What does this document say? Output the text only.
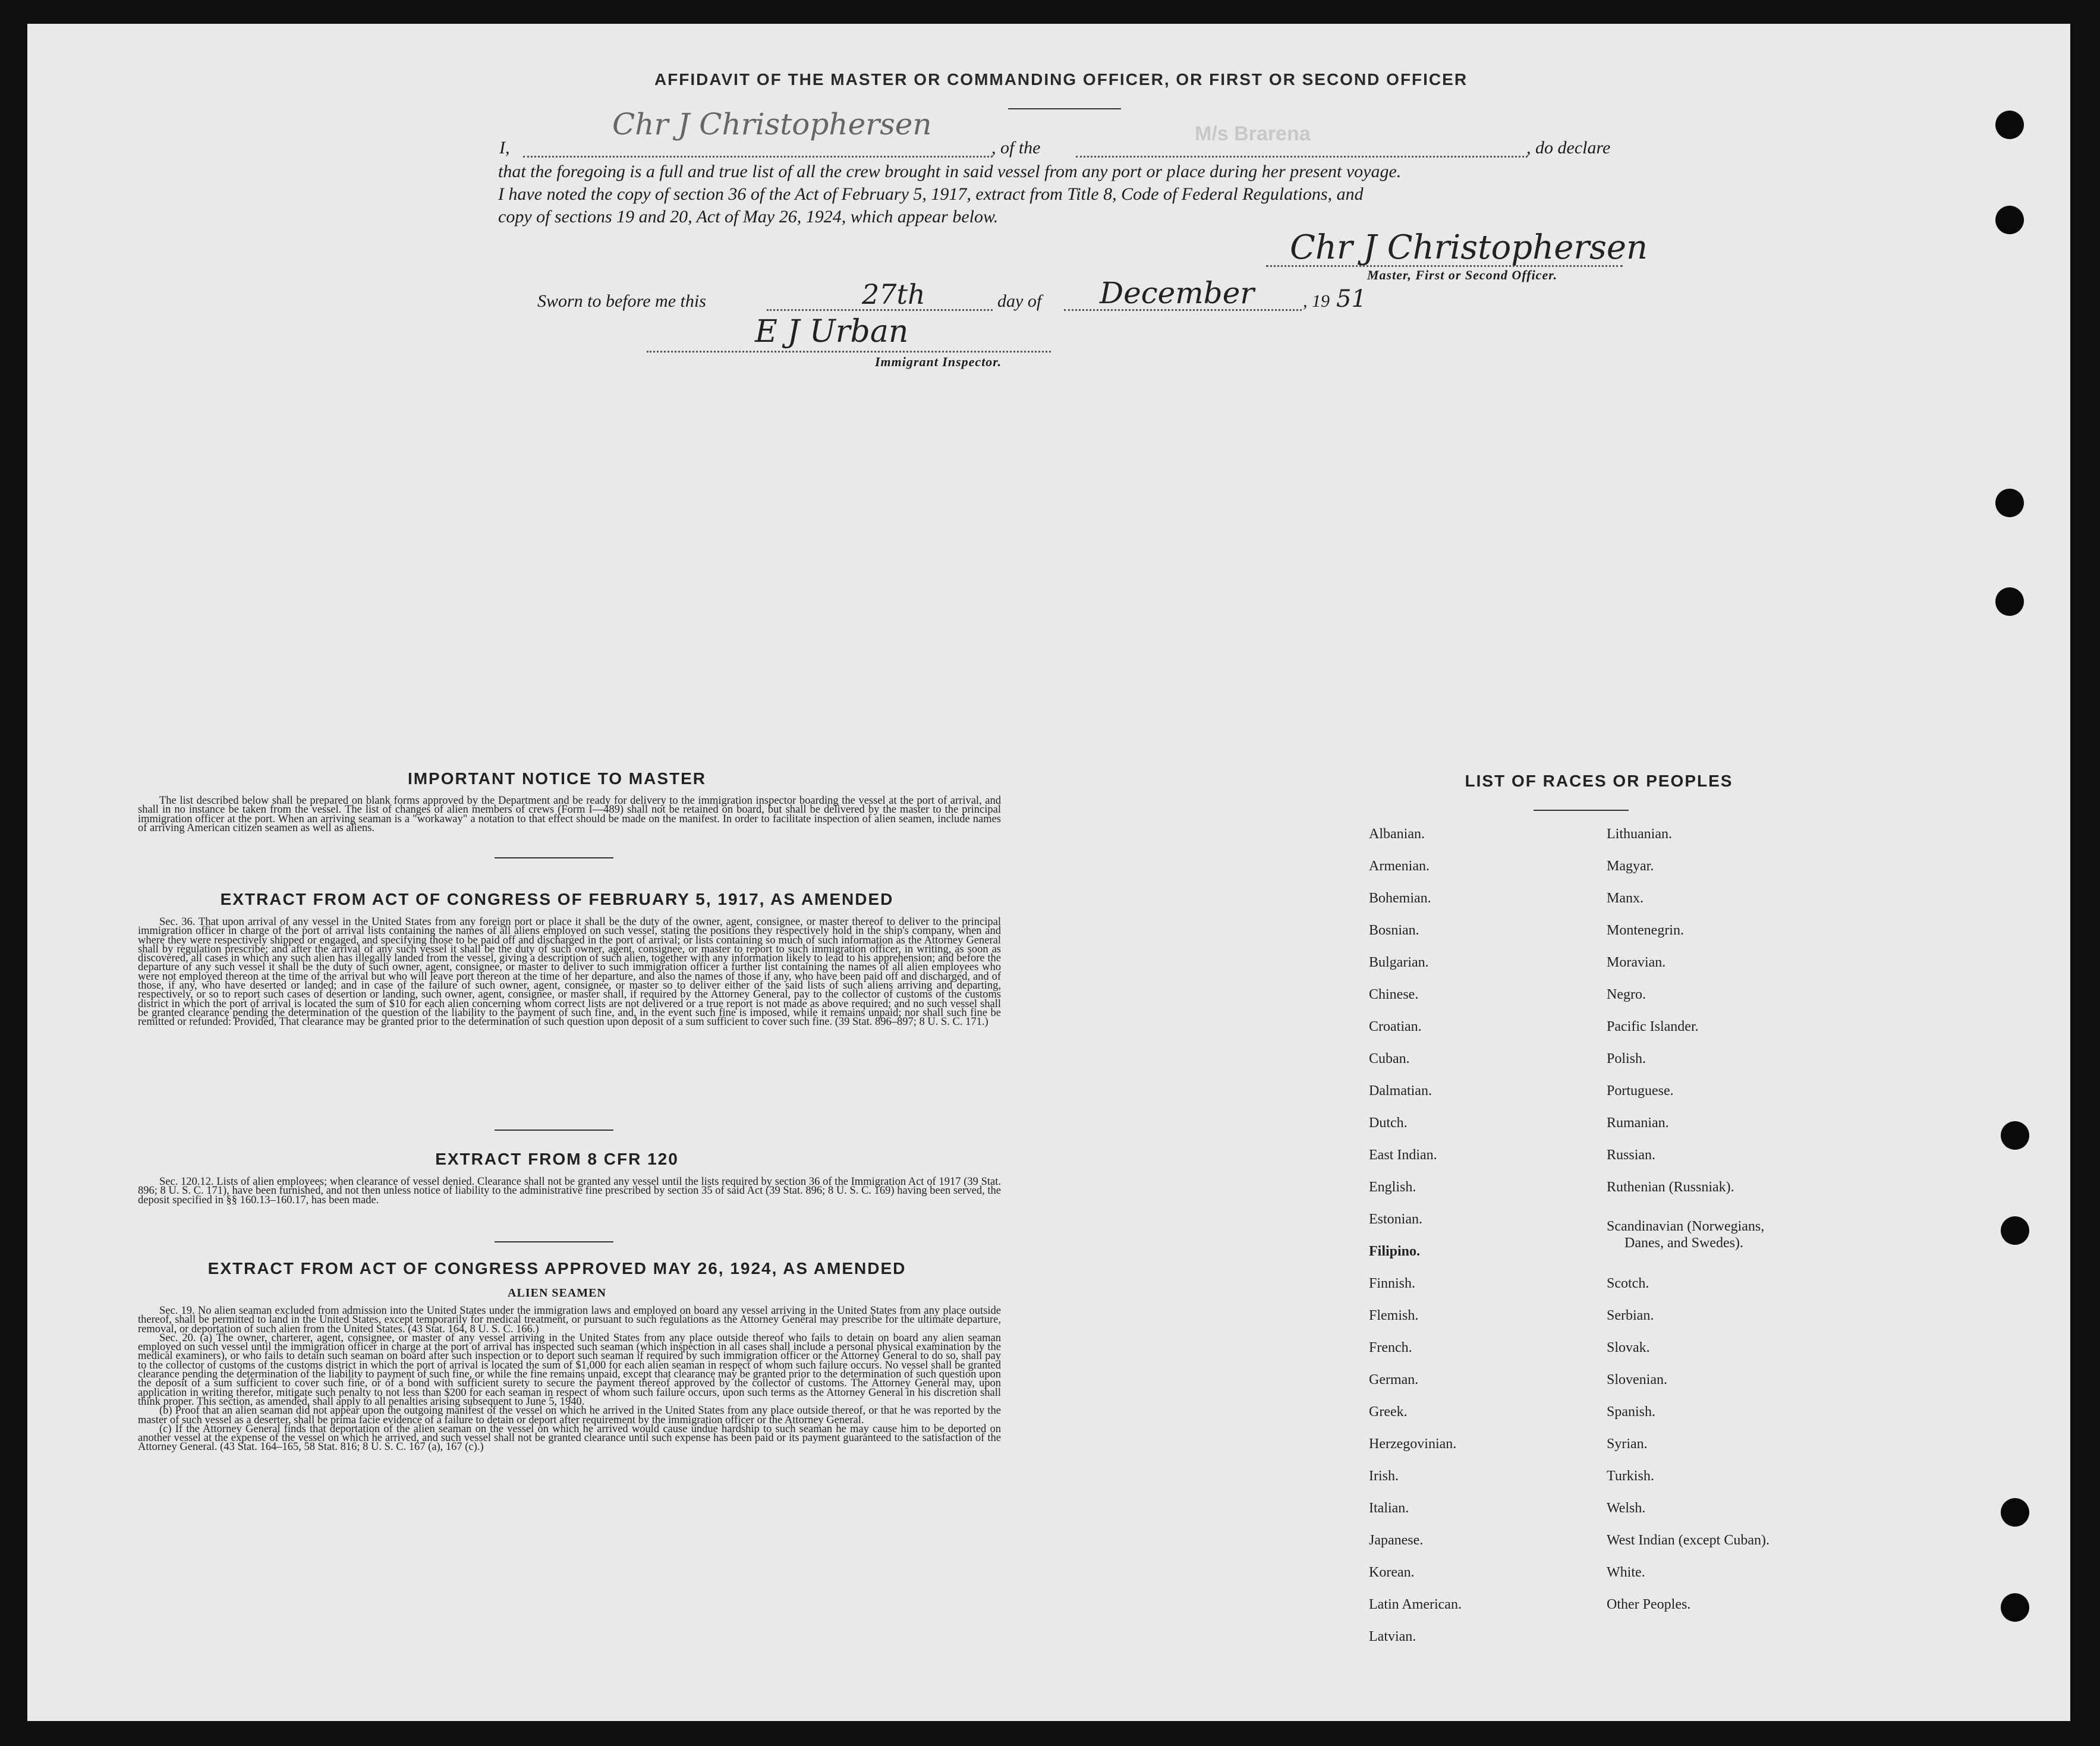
AFFIDAVIT OF THE MASTER OR COMMANDING OFFICER, OR FIRST OR SECOND OFFICER
I,
Chr J Christophersen
, of the
M/s Brarena
, do declare
that the foregoing is a full and true list of all the crew brought in said vessel from any port or place during her present voyage.
I have noted the copy of section 36 of the Act of February 5, 1917, extract from Title 8, Code of Federal Regulations, and
copy of sections 19 and 20, Act of May 26, 1924, which appear below.
Chr J Christophersen
Master, First or Second Officer.
Sworn to before me this	27th	day of December	, 19 51
E J Urban
Immigrant Inspector.
IMPORTANT NOTICE TO MASTER
The list described below shall be prepared on blank forms approved by the Department and be ready for delivery to the immigration inspector boarding the vessel at the port of arrival, and shall in no instance be taken from the vessel. The list of changes of alien members of crews (Form I—489) shall not be retained on board, but shall be delivered by the master to the principal immigration officer at the port. When an arriving seaman is a "workaway" a notation to that effect should be made on the manifest. In order to facilitate inspection of alien seamen, include names of arriving American citizen seamen as well as aliens.
EXTRACT FROM ACT OF CONGRESS OF FEBRUARY 5, 1917, AS AMENDED
Sec. 36. That upon arrival of any vessel in the United States from any foreign port or place it shall be the duty of the owner, agent, consignee, or master thereof to deliver to the principal immigration officer in charge of the port of arrival lists containing the names of all aliens employed on such vessel, stating the positions they respectively hold in the ship's company, when and where they were respectively shipped or engaged, and specifying those to be paid off and discharged in the port of arrival; or lists containing so much of such information as the Attorney General shall by regulation prescribe; and after the arrival of any such vessel it shall be the duty of such owner, agent, consignee, or master to report to such immigration officer, in writing, as soon as discovered, all cases in which any such alien has illegally landed from the vessel, giving a description of such alien, together with any information likely to lead to his apprehension; and before the departure of any such vessel it shall be the duty of such owner, agent, consignee, or master to deliver to such immigration officer a further list containing the names of all alien employees who were not employed thereon at the time of the arrival but who will leave port thereon at the time of her departure, and also the names of those if any, who have been paid off and discharged, and of those, if any, who have deserted or landed; and in case of the failure of such owner, agent, consignee, or master so to deliver either of the said lists of such aliens arriving and departing, respectively, or so to report such cases of desertion or landing, such owner, agent, consignee, or master shall, if required by the Attorney General, pay to the collector of customs of the customs district in which the port of arrival is located the sum of $10 for each alien concerning whom correct lists are not delivered or a true report is not made as above required; and no such vessel shall be granted clearance pending the determination of the question of the liability to the payment of such fine, and, in the event such fine is imposed, while it remains unpaid; nor shall such fine be remitted or refunded: Provided, That clearance may be granted prior to the determination of such question upon deposit of a sum sufficient to cover such fine. (39 Stat. 896–897; 8 U. S. C. 171.)
EXTRACT FROM 8 CFR 120
Sec. 120.12. Lists of alien employees; when clearance of vessel denied. Clearance shall not be granted any vessel until the lists required by section 36 of the Immigration Act of 1917 (39 Stat. 896; 8 U. S. C. 171), have been furnished, and not then unless notice of liability to the administrative fine prescribed by section 35 of said Act (39 Stat. 896; 8 U. S. C. 169) having been served, the deposit specified in §§ 160.13–160.17, has been made.
EXTRACT FROM ACT OF CONGRESS APPROVED MAY 26, 1924, AS AMENDED
ALIEN SEAMEN
Sec. 19. No alien seaman excluded from admission into the United States under the immigration laws and employed on board any vessel arriving in the United States from any place outside thereof, shall be permitted to land in the United States, except temporarily for medical treatment, or pursuant to such regulations as the Attorney General may prescribe for the ultimate departure, removal, or deportation of such alien from the United States. (43 Stat. 164, 8 U. S. C. 166.)
Sec. 20. (a) The owner, charterer, agent, consignee, or master of any vessel arriving in the United States from any place outside thereof who fails to detain on board any alien seaman employed on such vessel until the immigration officer in charge at the port of arrival has inspected such seaman (which inspection in all cases shall include a personal physical examination by the medical examiners), or who fails to detain such seaman on board after such inspection or to deport such seaman if required by such immigration officer or the Attorney General to do so, shall pay to the collector of customs of the customs district in which the port of arrival is located the sum of $1,000 for each alien seaman in respect of whom such failure occurs. No vessel shall be granted clearance pending the determination of the liability to payment of such fine, or while the fine remains unpaid, except that clearance may be granted prior to the determination of such question upon the deposit of a sum sufficient to cover such fine, or of a bond with sufficient surety to secure the payment thereof approved by the collector of customs. The Attorney General may, upon application in writing therefor, mitigate such penalty to not less than $200 for each seaman in respect of whom such failure occurs, upon such terms as the Attorney General in his discretion shall think proper. This section, as amended, shall apply to all penalties arising subsequent to June 5, 1940.
(b) Proof that an alien seaman did not appear upon the outgoing manifest of the vessel on which he arrived in the United States from any place outside thereof, or that he was reported by the master of such vessel as a deserter, shall be prima facie evidence of a failure to detain or deport after requirement by the immigration officer or the Attorney General.
(c) If the Attorney General finds that deportation of the alien seaman on the vessel on which he arrived would cause undue hardship to such seaman he may cause him to be deported on another vessel at the expense of the vessel on which he arrived, and such vessel shall not be granted clearance until such expense has been paid or its payment guaranteed to the satisfaction of the Attorney General. (43 Stat. 164–165, 58 Stat. 816; 8 U. S. C. 167 (a), 167 (c).)
LIST OF RACES OR PEOPLES
Albanian.
Armenian.
Bohemian.
Bosnian.
Bulgarian.
Chinese.
Croatian.
Cuban.
Dalmatian.
Dutch.
East Indian.
English.
Estonian.
Filipino.
Finnish.
Flemish.
French.
German.
Greek.
Herzegovinian.
Irish.
Italian.
Japanese.
Korean.
Latin American.
Latvian.
Lithuanian.
Magyar.
Manx.
Montenegrin.
Moravian.
Negro.
Pacific Islander.
Polish.
Portuguese.
Rumanian.
Russian.
Ruthenian (Russniak).
Scandinavian (Norwegians,
Danes, and Swedes).
Scotch.
Serbian.
Slovak.
Slovenian.
Spanish.
Syrian.
Turkish.
Welsh.
West Indian (except Cuban).
White.
Other Peoples.
